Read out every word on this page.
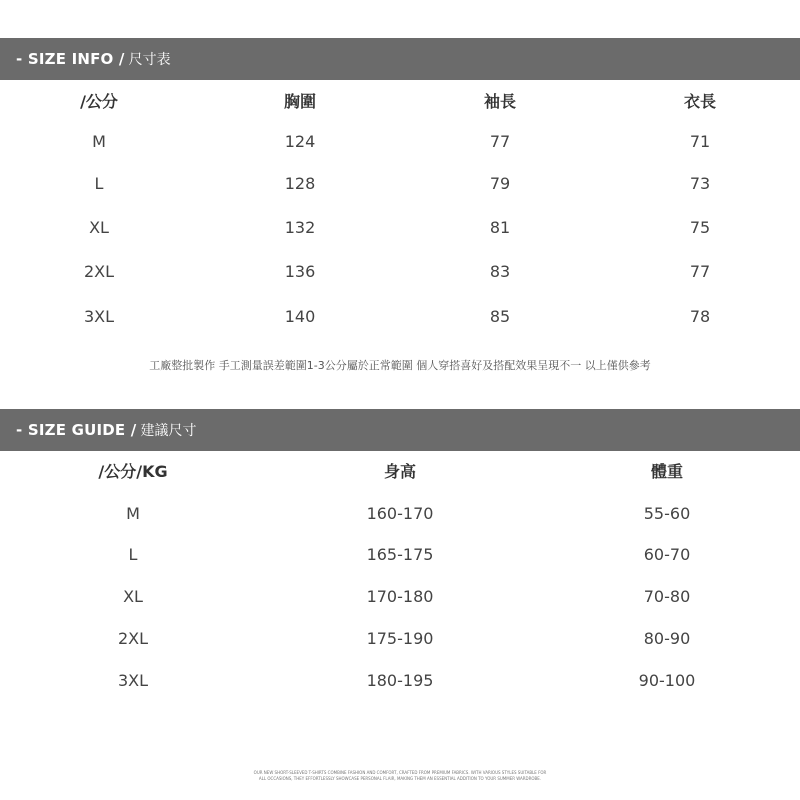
- SIZE INFO / 尺寸表
/公分	胸圍	袖長	衣長
M	124	77	71
L	128	79	73
XL	132	81	75
2XL	136	83	77
3XL	140	85	78
工廠整批製作 手工測量誤差範圍1-3公分屬於正常範圍 個人穿搭喜好及搭配效果呈現不一 以上僅供參考
- SIZE GUIDE / 建議尺寸
/公分/KG	身高	體重
M	160-170	55-60
L	165-175	60-70
XL	170-180	70-80
2XL	175-190	80-90
3XL	180-195	90-100
OUR NEW SHORT-SLEEVED T-SHIRTS COMBINE FASHION AND COMFORT, CRAFTED FROM PREMIUM FABRICS. WITH VARIOUS STYLES SUITABLE FOR
ALL OCCASIONS, THEY EFFORTLESSLY SHOWCASE PERSONAL FLAIR, MAKING THEM AN ESSENTIAL ADDITION TO YOUR SUMMER WARDROBE.
